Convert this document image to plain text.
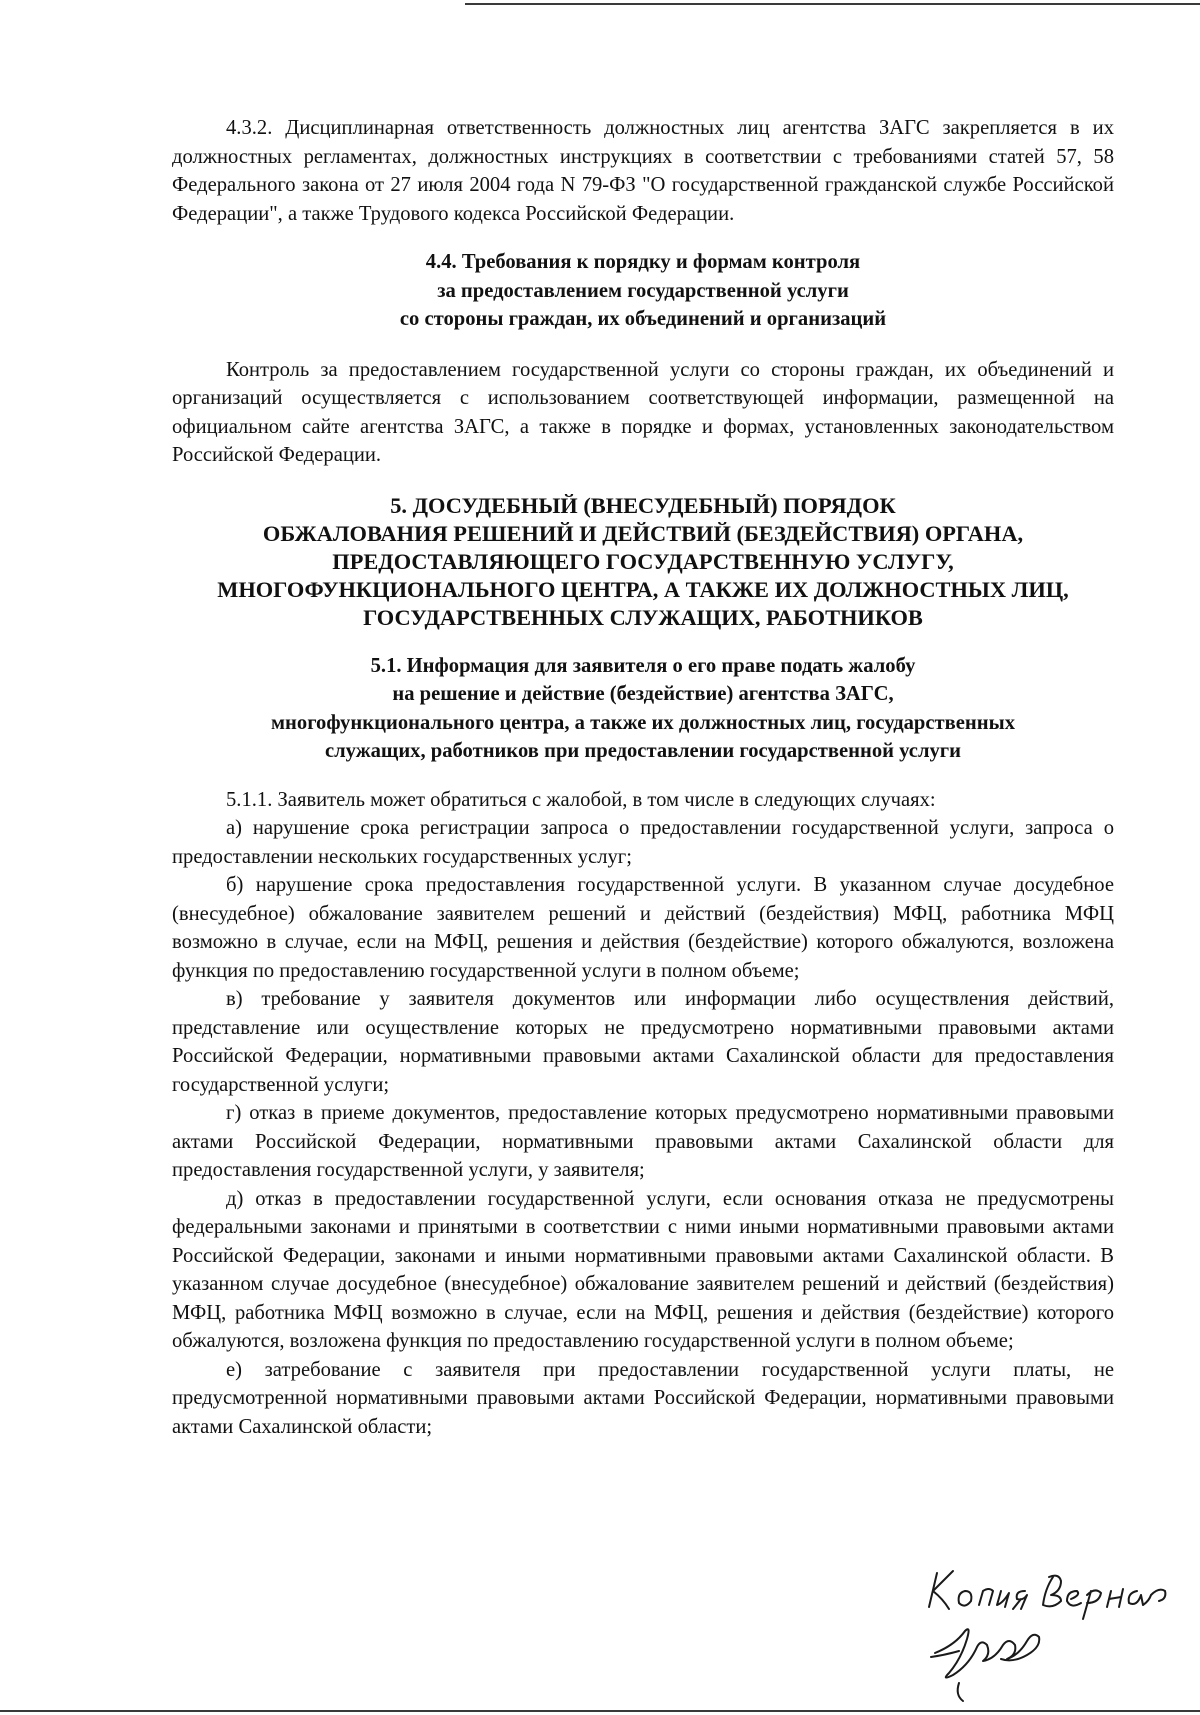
4.3.2. Дисциплинарная ответственность должностных лиц агентства ЗАГС закрепляется в их должностных регламентах, должностных инструкциях в соответствии с требованиями статей 57, 58 Федерального закона от 27 июля 2004 года N 79-ФЗ "О государственной гражданской службе Российской Федерации", а также Трудового кодекса Российской Федерации.

4.4. Требования к порядку и формам контроля
за предоставлением государственной услуги
со стороны граждан, их объединений и организаций

Контроль за предоставлением государственной услуги со стороны граждан, их объединений и организаций осуществляется с использованием соответствующей информации, размещенной на официальном сайте агентства ЗАГС, а также в порядке и формах, установленных законодательством Российской Федерации.

5. ДОСУДЕБНЫЙ (ВНЕСУДЕБНЫЙ) ПОРЯДОК
ОБЖАЛОВАНИЯ РЕШЕНИЙ И ДЕЙСТВИЙ (БЕЗДЕЙСТВИЯ) ОРГАНА,
ПРЕДОСТАВЛЯЮЩЕГО ГОСУДАРСТВЕННУЮ УСЛУГУ,
МНОГОФУНКЦИОНАЛЬНОГО ЦЕНТРА, А ТАКЖЕ ИХ ДОЛЖНОСТНЫХ ЛИЦ,
ГОСУДАРСТВЕННЫХ СЛУЖАЩИХ, РАБОТНИКОВ
5.1. Информация для заявителя о его праве подать жалобу
на решение и действие (бездействие) агентства ЗАГС,
многофункционального центра, а также их должностных лиц, государственных
служащих, работников при предоставлении государственной услуги

5.1.1. Заявитель может обратиться с жалобой, в том числе в следующих случаях:

а) нарушение срока регистрации запроса о предоставлении государственной услуги, запроса о предоставлении нескольких государственных услуг;

б) нарушение срока предоставления государственной услуги. В указанном случае досудебное (внесудебное) обжалование заявителем решений и действий (бездействия) МФЦ, работника МФЦ возможно в случае, если на МФЦ, решения и действия (бездействие) которого обжалуются, возложена функция по предоставлению государственной услуги в полном объеме;

в) требование у заявителя документов или информации либо осуществления действий, представление или осуществление которых не предусмотрено нормативными правовыми актами Российской Федерации, нормативными правовыми актами Сахалинской области для предоставления государственной услуги;

г) отказ в приеме документов, предоставление которых предусмотрено нормативными правовыми актами Российской Федерации, нормативными правовыми актами Сахалинской области для предоставления государственной услуги, у заявителя;

д) отказ в предоставлении государственной услуги, если основания отказа не предусмотрены федеральными законами и принятыми в соответствии с ними иными нормативными правовыми актами Российской Федерации, законами и иными нормативными правовыми актами Сахалинской области. В указанном случае досудебное (внесудебное) обжалование заявителем решений и действий (бездействия) МФЦ, работника МФЦ возможно в случае, если на МФЦ, решения и действия (бездействие) которого обжалуются, возложена функция по предоставлению государственной услуги в полном объеме;

е) затребование с заявителя при предоставлении государственной услуги платы, не предусмотренной нормативными правовыми актами Российской Федерации, нормативными правовыми актами Сахалинской области;
